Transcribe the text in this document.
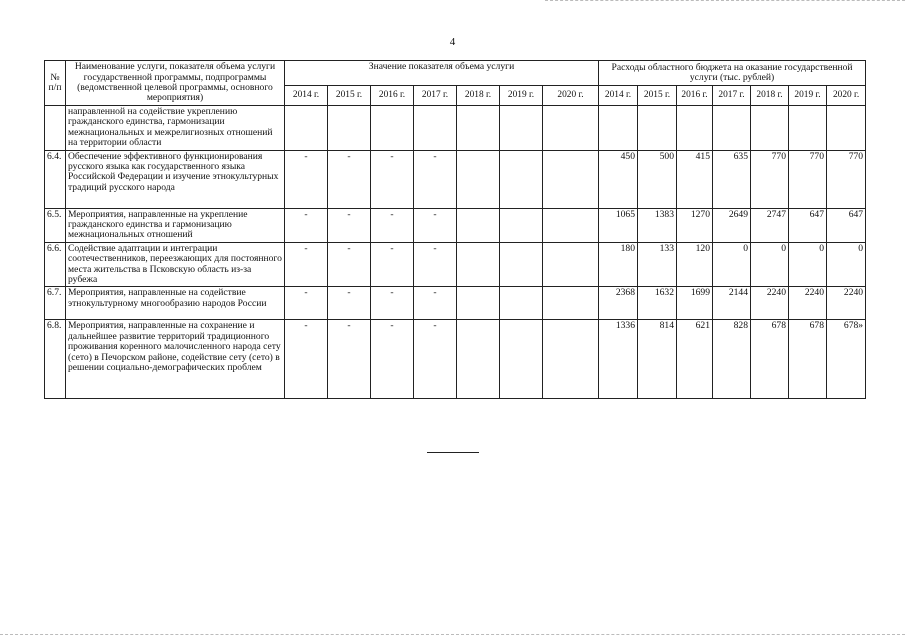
4
№ п/п	Наименование услуги, показателя объема услуги государственной программы, подпрограммы (ведомственной целевой программы, основного мероприятия)	Значение показателя объема услуги							Расходы областного бюджета на оказание государственной услуги (тыс. рублей)						
		2014 г.	2015 г.	2016 г.	2017 г.	2018 г.	2019 г.	2020 г.	2014 г.	2015 г.	2016 г.	2017 г.	2018 г.	2019 г.	2020 г.
	направленной на содействие укреплению гражданского единства, гармонизации межнациональных и межрелигиозных отношений на территории области														
6.4.	Обеспечение эффективного функционирования русского языка как государственного языка Российской Федерации и изучение этнокультурных традиций русского народа	-	-	-	-				450	500	415	635	770	770	770
6.5.	Мероприятия, направленные на укрепление гражданского единства и гармонизацию межнациональных отношений	-	-	-	-				1065	1383	1270	2649	2747	647	647
6.6.	Содействие адаптации и интеграции соотечественников, переезжающих для постоянного места жительства в Псковскую область из-за рубежа	-	-	-	-				180	133	120	0	0	0	0
6.7.	Мероприятия, направленные на содействие этнокультурному многообразию народов России	-	-	-	-				2368	1632	1699	2144	2240	2240	2240
6.8.	Мероприятия, направленные на сохранение и дальнейшее развитие территорий традиционного проживания коренного малочисленного народа сету (сето) в Печорском районе, содействие сету (сето) в решении социально-демографических проблем	-	-	-	-				1336	814	621	828	678	678	678»
